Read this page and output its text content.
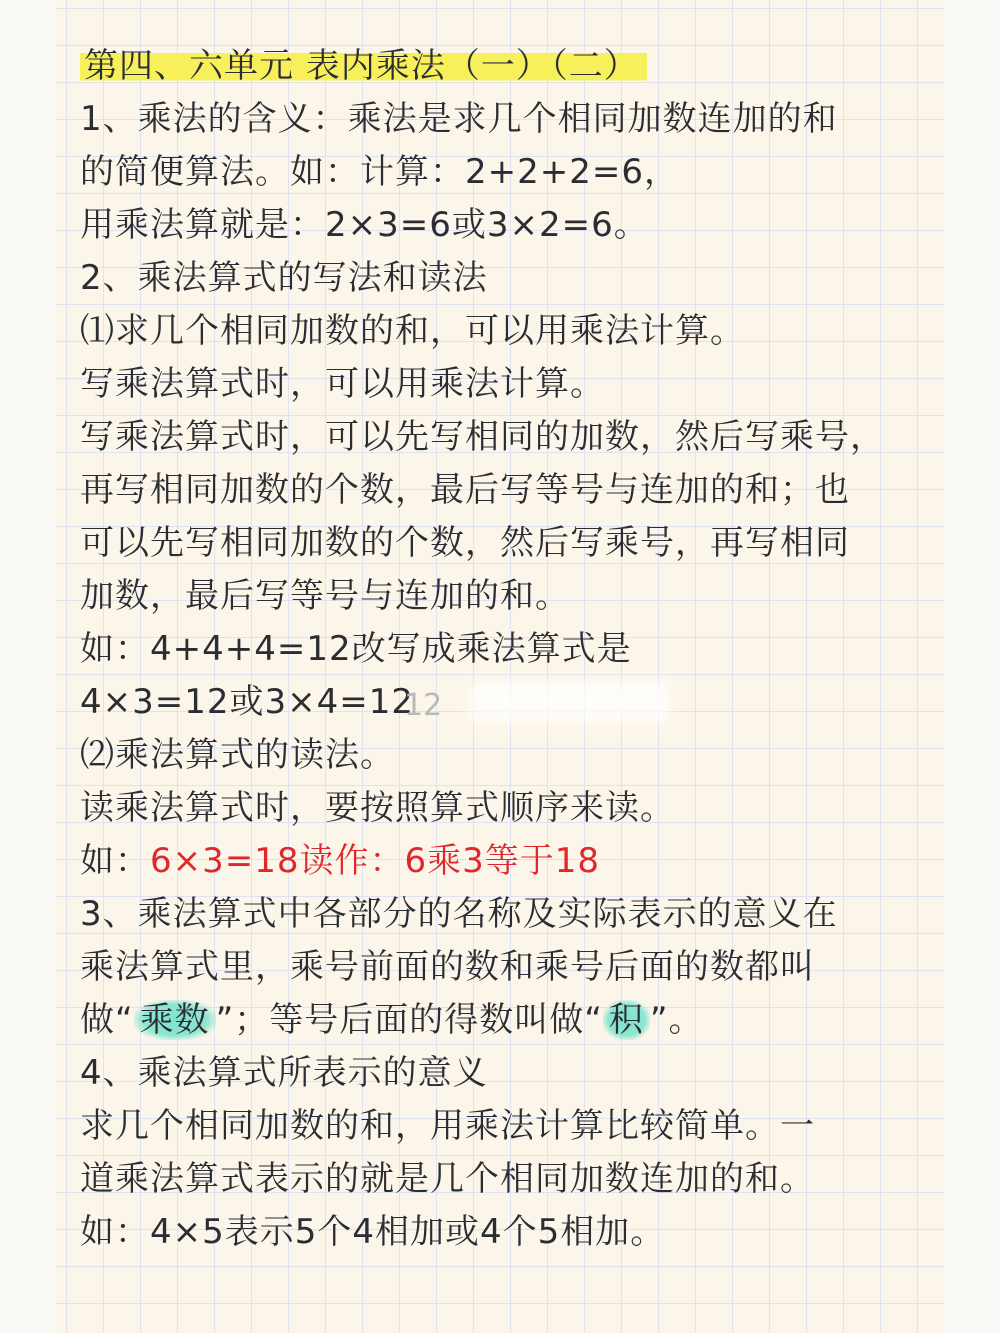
第四、六单元 表内乘法（一）（二）

1、乘法的含义：乘法是求几个相同加数连加的和

的简便算法。如：计算：2+2+2=6，

用乘法算就是：2×3=6或3×2=6。

2、乘法算式的写法和读法

⑴求几个相同加数的和，可以用乘法计算。

写乘法算式时，可以用乘法计算。

写乘法算式时，可以先写相同的加数，然后写乘号，

再写相同加数的个数，最后写等号与连加的和；也

可以先写相同加数的个数，然后写乘号，再写相同

加数，最后写等号与连加的和。

如：4+4+4=12改写成乘法算式是

4×3=12或3×4=12

12

⑵乘法算式的读法。

读乘法算式时，要按照算式顺序来读。

如：6×3=18读作：6乘3等于18

3、乘法算式中各部分的名称及实际表示的意义在

乘法算式里，乘号前面的数和乘号后面的数都叫

做“ 乘数 ”；等号后面的得数叫做“ 积 ”。

4、乘法算式所表示的意义

求几个相同加数的和，用乘法计算比较简单。一

道乘法算式表示的就是几个相同加数连加的和。

如：4×5表示5个4相加或4个5相加。
